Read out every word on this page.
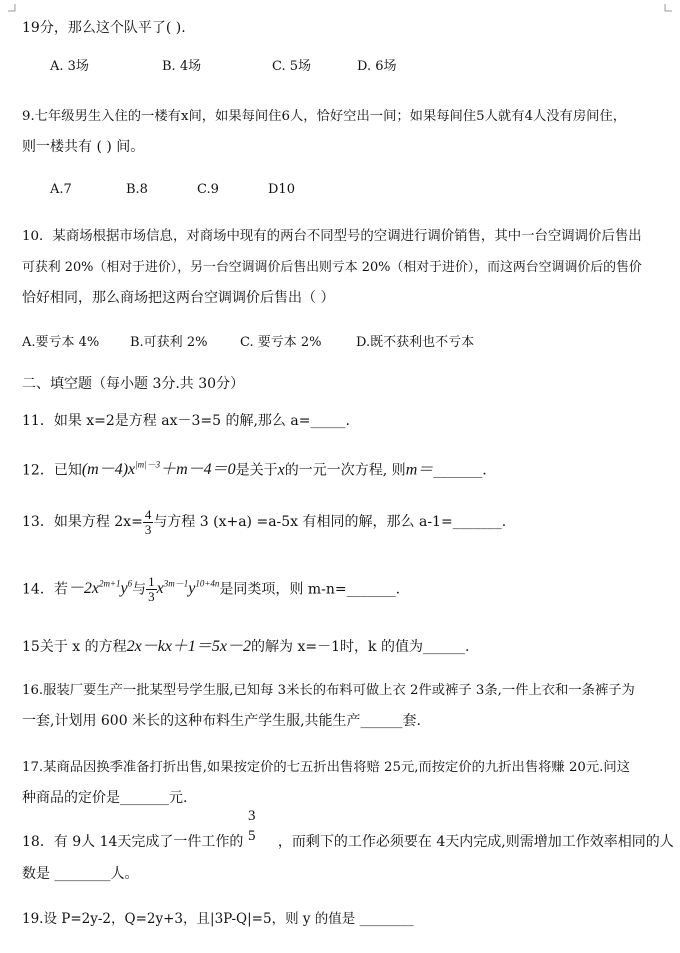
19分，那么这个队平了( ).
A. 3场	B. 4场	C. 5场	D. 6场
9.七年级男生入住的一楼有x间，如果每间住6人，恰好空出一间；如果每间住5人就有4人没有房间住，
则一楼共有 ( ) 间。
A.7	B.8	C.9	D10
10．某商场根据市场信息，对商场中现有的两台不同型号的空调进行调价销售，其中一台空调调价后售出
可获利 20%（相对于进价），另一台空调调价后售出则亏本 20%（相对于进价），而这两台空调调价后的售价
恰好相同，那么商场把这两台空调调价后售出（ ）
A.要亏本 4% B.可获利 2%	C. 要亏本 2%	D.既不获利也不亏本
二、填空题（每小题 3分.共 30分）
11．如果 x=2是方程 ax－3=5 的解,那么 a=_____.
12．已知$(m-4)x^{|m|-3}+m-4=0$是关于x的一元一次方程, 则m＝_______.
13．如果方程 $2x= \frac{4}{3}$ 与方程 3 (x+a) =a-5x 有相同的解，那么 a-1=_______.
14．若$-2x^{2m+1}y^6$与 $\frac{1}{3} x^{3m-1}y^{10+4n}$是同类项，则 m-n=_______.
15关于 x 的方程2x－kx＋1＝5x－2的解为 x=－1时，k 的值为______.
16.服装厂要生产一批某型号学生服,已知每 3米长的布料可做上衣 2件或裤子 3条,一件上衣和一条裤子为
一套,计划用 600 米长的这种布料生产学生服,共能生产______套.
17.某商品因换季准备打折出售,如果按定价的七五折出售将赔 25元,而按定价的九折出售将赚 20元.问这
种商品的定价是_______元.
18．有 9人 14天完成了一件工作的 ，而剩下的工作必须要在 4天内完成,则需增加工作效率相同的人
3
5
数是 ________人。
19.设 P=2y-2，Q=2y+3，且|3P-Q|=5，则 y 的值是 ________
